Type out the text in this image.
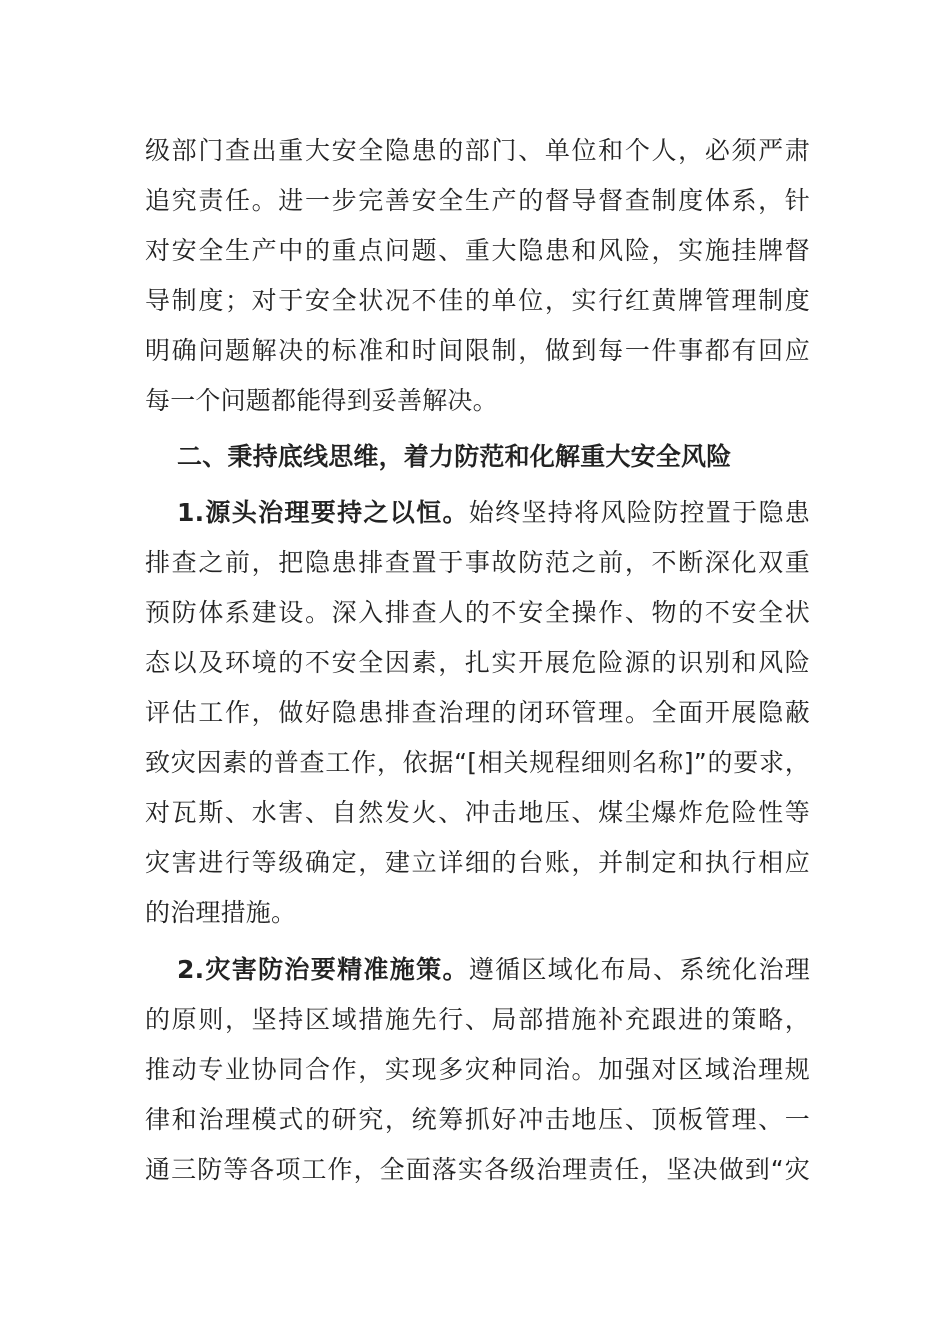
级部门查出重大安全隐患的部门、单位和个人，必须严肃
追究责任。进一步完善安全生产的督导督查制度体系，针
对安全生产中的重点问题、重大隐患和风险，实施挂牌督
导制度；对于安全状况不佳的单位，实行红黄牌管理制度
明确问题解决的标准和时间限制，做到每一件事都有回应
每一个问题都能得到妥善解决。
二、秉持底线思维，着力防范和化解重大安全风险
1.源头治理要持之以恒。始终坚持将风险防控置于隐患
排查之前，把隐患排查置于事故防范之前，不断深化双重
预防体系建设。深入排查人的不安全操作、物的不安全状
态以及环境的不安全因素，扎实开展危险源的识别和风险
评估工作，做好隐患排查治理的闭环管理。全面开展隐蔽
致灾因素的普查工作，依据“[相关规程细则名称]”的要求，
对瓦斯、水害、自然发火、冲击地压、煤尘爆炸危险性等
灾害进行等级确定，建立详细的台账，并制定和执行相应
的治理措施。
2.灾害防治要精准施策。遵循区域化布局、系统化治理
的原则，坚持区域措施先行、局部措施补充跟进的策略，
推动专业协同合作，实现多灾种同治。加强对区域治理规
律和治理模式的研究，统筹抓好冲击地压、顶板管理、一
通三防等各项工作，全面落实各级治理责任，坚决做到“灾
